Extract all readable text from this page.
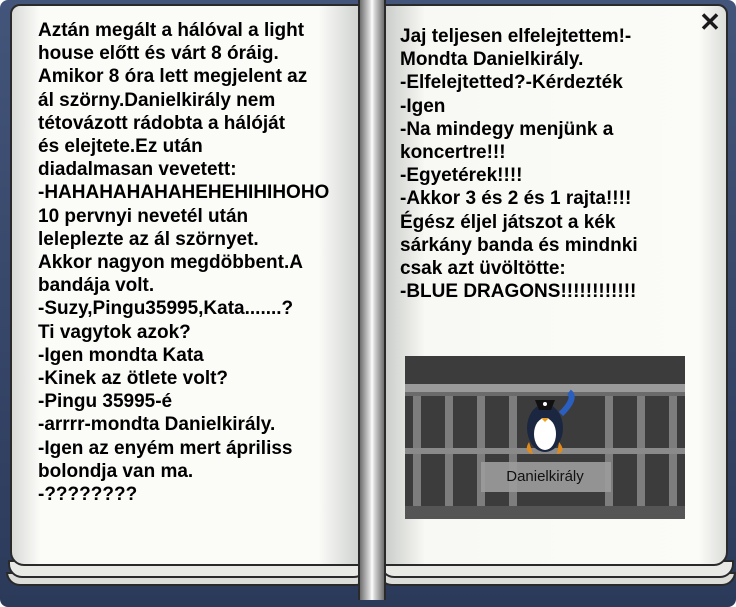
Aztán megált a hálóval a light
house előtt és várt 8 óráig.
Amikor 8 óra lett megjelent az
ál szörny.Danielkirály nem
tétovázott rádobta a hálóját
és elejtete.Ez után
diadalmasan vevetett:
-HAHAHAHAHAHEHEHIHIHOHO
10 pervnyi nevetél után
leleplezte az ál szörnyet.
Akkor nagyon megdöbbent.A
bandája volt.
-Suzy,Pingu35995,Kata.......?
Ti vagytok azok?
-Igen mondta Kata
-Kinek az ötlete volt?
-Pingu 35995-é
-arrrr-mondta Danielkirály.
-Igen az enyém mert ápriliss
bolondja van ma.
-????????

Jaj teljesen elfelejtettem!-
Mondta Danielkirály.
-Elfelejtetted?-Kérdezték
-Igen
-Na mindegy menjünk a
koncertre!!!
-Egyetérek!!!!
-Akkor 3 és 2 és 1 rajta!!!!
Égész éljel játszot a kék
sárkány banda és mindnki
csak azt üvöltötte:
-BLUE DRAGONS!!!!!!!!!!!!

✕
Danielkirály
